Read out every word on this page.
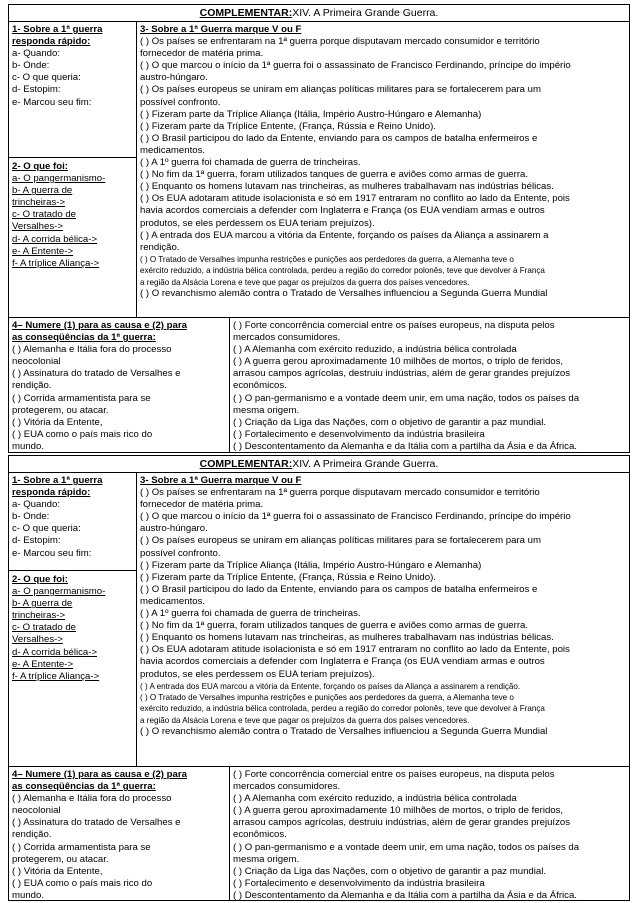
COMPLEMENTAR:XIV. A Primeira Grande Guerra.
1- Sobre a 1ª guerra
responda rápido:
a- Quando:
b- Onde:
c- O que queria:
d- Estopim:
e- Marcou seu fim:
2- O que foi:
a- O pangermanismo-
b- A guerra de
trincheiras->
c- O tratado de
Versalhes->
d- A corrida bélica->
e- A Entente->
f- A tríplice Aliança->
3- Sobre a 1ª Guerra marque V ou F
( ) Os países se enfrentaram na 1ª guerra porque disputavam mercado consumidor e território
fornecedor de matéria prima.
( ) O que marcou o início da 1ª guerra foi o assassinato de Francisco Ferdinando, príncipe do império
austro-húngaro.
( ) Os países europeus se uniram em alianças políticas militares para se fortalecerem para um
possível confronto.
( ) Fizeram parte da Tríplice Aliança (Itália, Império Austro-Húngaro e Alemanha)
( ) Fizeram parte da Tríplice Entente, (França, Rússia e Reino Unido).
( ) O Brasil participou do lado da Entente, enviando para os campos de batalha enfermeiros e
medicamentos.
( ) A 1º guerra foi chamada de guerra de trincheiras.
( ) No fim da 1ª guerra, foram utilizados tanques de guerra e aviões como armas de guerra.
( ) Enquanto os homens lutavam nas trincheiras, as mulheres trabalhavam nas indústrias bélicas.
( ) Os EUA adotaram atitude isolacionista e só em 1917 entraram no conflito ao lado da Entente, pois
havia acordos comerciais a defender com Inglaterra e França (os EUA vendiam armas e outros
produtos, se eles perdessem os EUA teriam prejuízos).
( ) A entrada dos EUA marcou a vitória da Entente, forçando os países da Aliança a assinarem a
rendição.
( ) O Tratado de Versalhes impunha restrições e punições aos perdedores da guerra, a Alemanha teve o
exército reduzido, a indústria bélica controlada, perdeu a região do corredor polonês, teve que devolver à França
a região da Alsácia Lorena e teve que pagar os prejuízos da guerra dos países vencedores.
( ) O revanchismo alemão contra o Tratado de Versalhes influenciou a Segunda Guerra Mundial
4– Numere (1) para as causa e (2) para
as conseqüências da 1ª guerra:
( ) Alemanha e Itália fora do processo
neocolonial
( ) Assinatura do tratado de Versalhes e
rendição.
( ) Corrida armamentista para se
protegerem, ou atacar.
( ) Vitória da Entente,
( ) EUA como o país mais rico do
mundo.
( ) Forte concorrência comercial entre os países europeus, na disputa pelos
mercados consumidores.
( ) A Alemanha com exército reduzido, a indústria bélica controlada
( ) A guerra gerou aproximadamente 10 milhões de mortos, o triplo de feridos,
arrasou campos agrícolas, destruiu indústrias, além de gerar grandes prejuízos
econômicos.
( ) O pan-germanismo e a vontade deem unir, em uma nação, todos os países da
mesma origem.
( ) Criação da Liga das Nações, com o objetivo de garantir a paz mundial.
( ) Fortalecimento e desenvolvimento da indústria brasileira
( ) Descontentamento da Alemanha e da Itália com a partilha da Ásia e da África.
COMPLEMENTAR:XIV. A Primeira Grande Guerra.
1- Sobre a 1ª guerra
responda rápido:
a- Quando:
b- Onde:
c- O que queria:
d- Estopim:
e- Marcou seu fim:
2- O que foi:
a- O pangermanismo-
b- A guerra de
trincheiras->
c- O tratado de
Versalhes->
d- A corrida bélica->
e- A Entente->
f- A tríplice Aliança->
3- Sobre a 1ª Guerra marque V ou F
( ) Os países se enfrentaram na 1ª guerra porque disputavam mercado consumidor e território
fornecedor de matéria prima.
( ) O que marcou o início da 1ª guerra foi o assassinato de Francisco Ferdinando, príncipe do império
austro-húngaro.
( ) Os países europeus se uniram em alianças políticas militares para se fortalecerem para um
possível confronto.
( ) Fizeram parte da Tríplice Aliança (Itália, Império Austro-Húngaro e Alemanha)
( ) Fizeram parte da Tríplice Entente, (França, Rússia e Reino Unido).
( ) O Brasil participou do lado da Entente, enviando para os campos de batalha enfermeiros e
medicamentos.
( ) A 1º guerra foi chamada de guerra de trincheiras.
( ) No fim da 1ª guerra, foram utilizados tanques de guerra e aviões como armas de guerra.
( ) Enquanto os homens lutavam nas trincheiras, as mulheres trabalhavam nas indústrias bélicas.
( ) Os EUA adotaram atitude isolacionista e só em 1917 entraram no conflito ao lado da Entente, pois
havia acordos comerciais a defender com Inglaterra e França (os EUA vendiam armas e outros
produtos, se eles perdessem os EUA teriam prejuízos).
( ) A entrada dos EUA marcou a vitória da Entente, forçando os países da Aliança a assinarem a rendição.
( ) O Tratado de Versalhes impunha restrições e punições aos perdedores da guerra, a Alemanha teve o
exército reduzido, a indústria bélica controlada, perdeu a região do corredor polonês, teve que devolver à França
a região da Alsácia Lorena e teve que pagar os prejuízos da guerra dos países vencedores.
( ) O revanchismo alemão contra o Tratado de Versalhes influenciou a Segunda Guerra Mundial
4– Numere (1) para as causa e (2) para
as conseqüências da 1ª guerra:
( ) Alemanha e Itália fora do processo
neocolonial
( ) Assinatura do tratado de Versalhes e
rendição.
( ) Corrida armamentista para se
protegerem, ou atacar.
( ) Vitória da Entente,
( ) EUA como o país mais rico do
mundo.
( ) Forte concorrência comercial entre os países europeus, na disputa pelos
mercados consumidores.
( ) A Alemanha com exército reduzido, a indústria bélica controlada
( ) A guerra gerou aproximadamente 10 milhões de mortos, o triplo de feridos,
arrasou campos agrícolas, destruiu indústrias, além de gerar grandes prejuízos
econômicos.
( ) O pan-germanismo e a vontade deem unir, em uma nação, todos os países da
mesma origem.
( ) Criação da Liga das Nações, com o objetivo de garantir a paz mundial.
( ) Fortalecimento e desenvolvimento da indústria brasileira
( ) Descontentamento da Alemanha e da Itália com a partilha da Ásia e da África.
